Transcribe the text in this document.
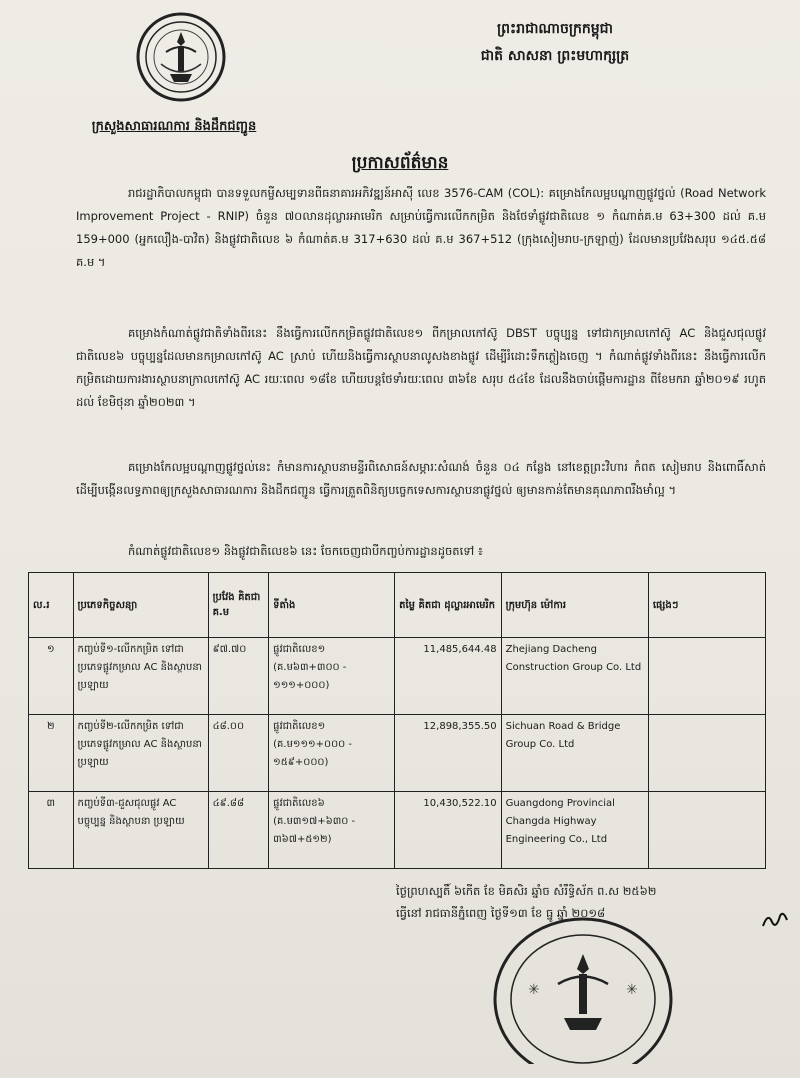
ក្រសួងសាធារណការ និងដឹកជញ្ជូន
ព្រះរាជាណាចក្រកម្ពុជា
ជាតិ សាសនា ព្រះមហាក្សត្រ
ប្រកាសព័ត៌មាន
រាជរដ្ឋាភិបាលកម្ពុជា បានទទួលកម្ចីសម្បទានពីធនាគារអភិវឌ្ឍន៍អាស៊ី លេខ 3576-CAM (COL): គម្រោងកែលម្អបណ្តាញផ្លូវថ្នល់ (Road Network Improvement Project - RNIP) ចំនួន ៧០លានដុល្លារអាមេរិក សម្រាប់ធ្វើការលើកកម្រិត និងថែទាំផ្លូវជាតិលេខ ១ កំណាត់គ.ម 63+300 ដល់ គ.ម 159+000 (អ្នកលឿង-បាវិត) និងផ្លូវជាតិលេខ ៦ កំណាត់គ.ម 317+630 ដល់ គ.ម 367+512 (ក្រុងសៀមរាប-ក្រឡាញ់) ដែលមានប្រវែងសរុប ១៤៥.៥៨ គ.ម ។
គម្រោងកំណាត់ផ្លូវជាតិទាំងពីរនេះ នឹងធ្វើការលើកកម្រិតផ្លូវជាតិលេខ១ ពីកម្រាលកៅស៊ូ DBST បច្ចុប្បន្ន ទៅជាកម្រាលកៅស៊ូ AC និងជួសជុលផ្លូវជាតិលេខ៦ បច្ចុប្បន្នដែលមានកម្រាលកៅស៊ូ AC ស្រាប់ ហើយនិងធ្វើការស្ថាបនាលូសងខាងផ្លូវ ដើម្បីរំដោះទឹកភ្លៀងចេញ ។ កំណាត់ផ្លូវទាំងពីរនេះ នឹងធ្វើការលើកកម្រិតដោយការងារស្ថាបនាក្រាលកៅស៊ូ AC រយៈពេល ១៨ខែ ហើយបន្តថែទាំរយៈពេល ៣៦ខែ សរុប ៥៤ខែ ដែលនឹងចាប់ផ្តើមការដ្ឋាន ពីខែមករា ឆ្នាំ២០១៩ រហូតដល់ ខែមិថុនា ឆ្នាំ២០២៣ ។
គម្រោងកែលម្អបណ្តាញផ្លូវថ្នល់នេះ កំមានការស្ថាបនាមន្ទីរពិសោធន៍សម្ភារៈសំណង់ ចំនួន ០៤ កន្លែង នៅខេត្តព្រះវិហារ កំពត សៀមរាប និងពោធិ៍សាត់ ដើម្បីបង្កើនលទ្ធភាពឲ្យក្រសួងសាធារណការ និងដឹកជញ្ជូន ធ្វើការត្រួតពិនិត្យបច្ចេកទេសការស្ថាបនាផ្លូវថ្នល់ ឲ្យមានកាន់តែមានគុណភាពរឹងមាំល្អ ។
កំណាត់ផ្លូវជាតិលេខ១ និងផ្លូវជាតិលេខ៦ នេះ ចែកចេញជាបីកញ្ចប់ការដ្ឋានដូចតទៅ ៖
ល.រ	ប្រភេទកិច្ចសន្យា	ប្រវែង គិតជា គ.ម	ទីតាំង	តម្លៃ គិតជា ដុល្លារអាមេរិក	ក្រុមហ៊ុន ម៉ៅការ	ផ្សេងៗ
១	កញ្ចប់ទី១-លើកកម្រិត ទៅជាប្រភេទផ្លូវកម្រាល AC និងស្ថាបនាប្រឡាយ	៩៧.៧០	ផ្លូវជាតិលេខ១ (គ.ម៦៣+៣០០ - ១១១+០០០)	11,485,644.48	Zhejiang Dacheng Construction Group Co. Ltd	
២	កញ្ចប់ទី២-លើកកម្រិត ទៅជាប្រភេទផ្លូវកម្រាល AC និងស្ថាបនាប្រឡាយ	៤៨.០០	ផ្លូវជាតិលេខ១ (គ.ម១១១+០០០ - ១៥៩+០០០)	12,898,355.50	Sichuan Road & Bridge Group Co. Ltd	
៣	កញ្ចប់ទី៣-ជួសជុលផ្លូវ AC បច្ចុប្បន្ន និងស្ថាបនា ប្រឡាយ	៤៩.៨៨	ផ្លូវជាតិលេខ៦ (គ.ម៣១៧+៦៣០ - ៣៦៧+៥១២)	10,430,522.10	Guangdong Provincial Changda Highway Engineering Co., Ltd	
ថ្ងៃព្រហស្បតិ៍ ៦កើត ខែ មិគសិរ ឆ្នាំច សំរឹទ្ធិស័ក ព.ស ២៥៦២
ធ្វើនៅ រាជធានីភ្នំពេញ ថ្ងៃទី១៣ ខែ ធ្នូ ឆ្នាំ ២០១៨
✳	✳
